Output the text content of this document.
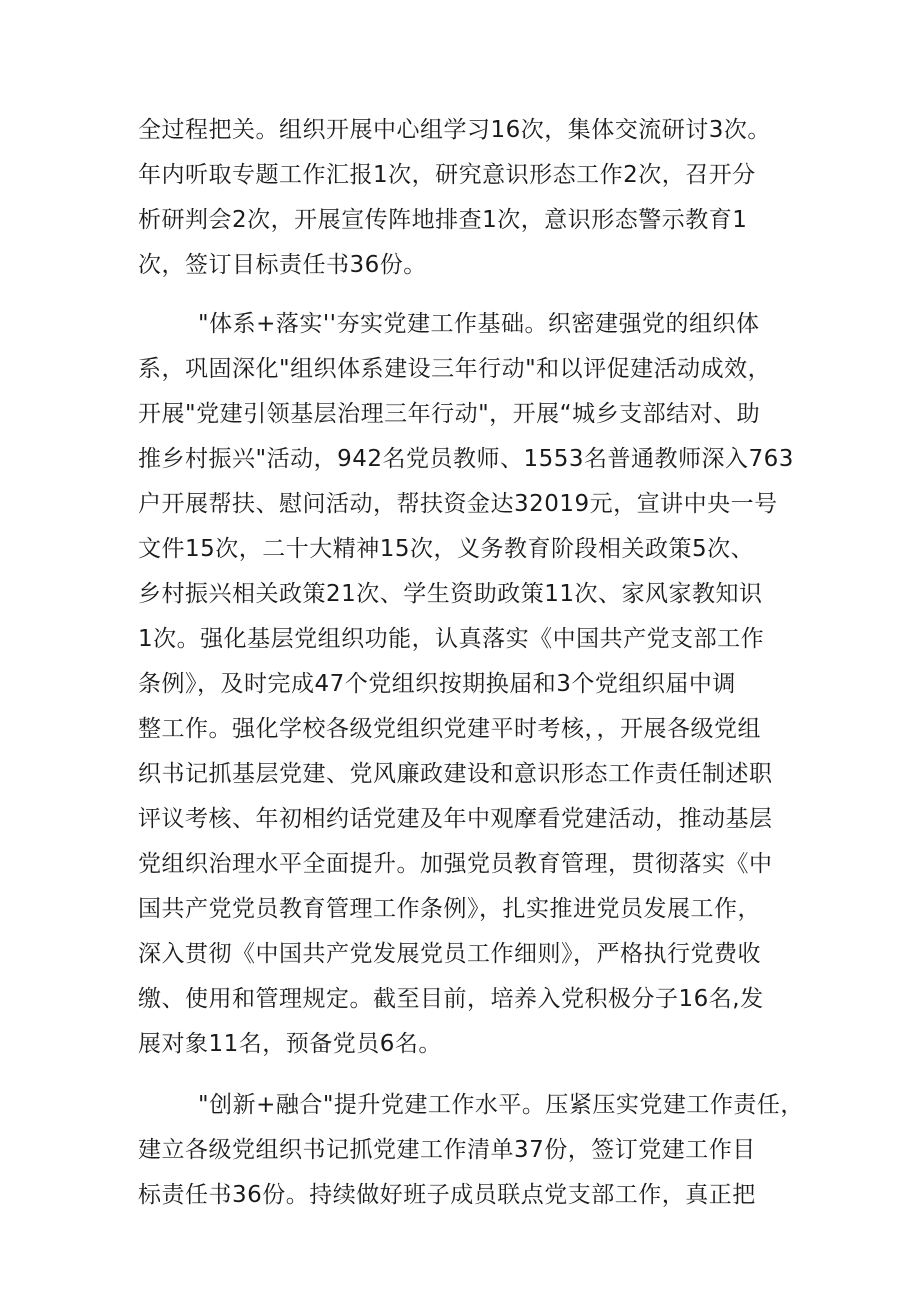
全过程把关。组织开展中心组学习16次，集体交流研讨3次。
年内听取专题工作汇报1次，研究意识形态工作2次，召开分
析研判会2次，开展宣传阵地排查1次，意识形态警示教育1
次，签订目标责任书36份。
"体系+落实''夯实党建工作基础。织密建强党的组织体
系，巩固深化"组织体系建设三年行动"和以评促建活动成效，
开展"党建引领基层治理三年行动"，开展“城乡支部结对、助
推乡村振兴"活动，942名党员教师、1553名普通教师深入763
户开展帮扶、慰问活动，帮扶资金达32019元，宣讲中央一号
文件15次，二十大精神15次，义务教育阶段相关政策5次、
乡村振兴相关政策21次、学生资助政策11次、家风家教知识
1次。强化基层党组织功能，认真落实《中国共产党支部工作
条例》，及时完成47个党组织按期换届和3个党组织届中调
整工作。强化学校各级党组织党建平时考核，，开展各级党组
织书记抓基层党建、党风廉政建设和意识形态工作责任制述职
评议考核、年初相约话党建及年中观摩看党建活动，推动基层
党组织治理水平全面提升。加强党员教育管理，贯彻落实《中
国共产党党员教育管理工作条例》，扎实推进党员发展工作，
深入贯彻《中国共产党发展党员工作细则》，严格执行党费收
缴、使用和管理规定。截至目前，培养入党积极分子16名,发
展对象11名，预备党员6名。
"创新+融合"提升党建工作水平。压紧压实党建工作责任，
建立各级党组织书记抓党建工作清单37份，签订党建工作目
标责任书36份。持续做好班子成员联点党支部工作，真正把
